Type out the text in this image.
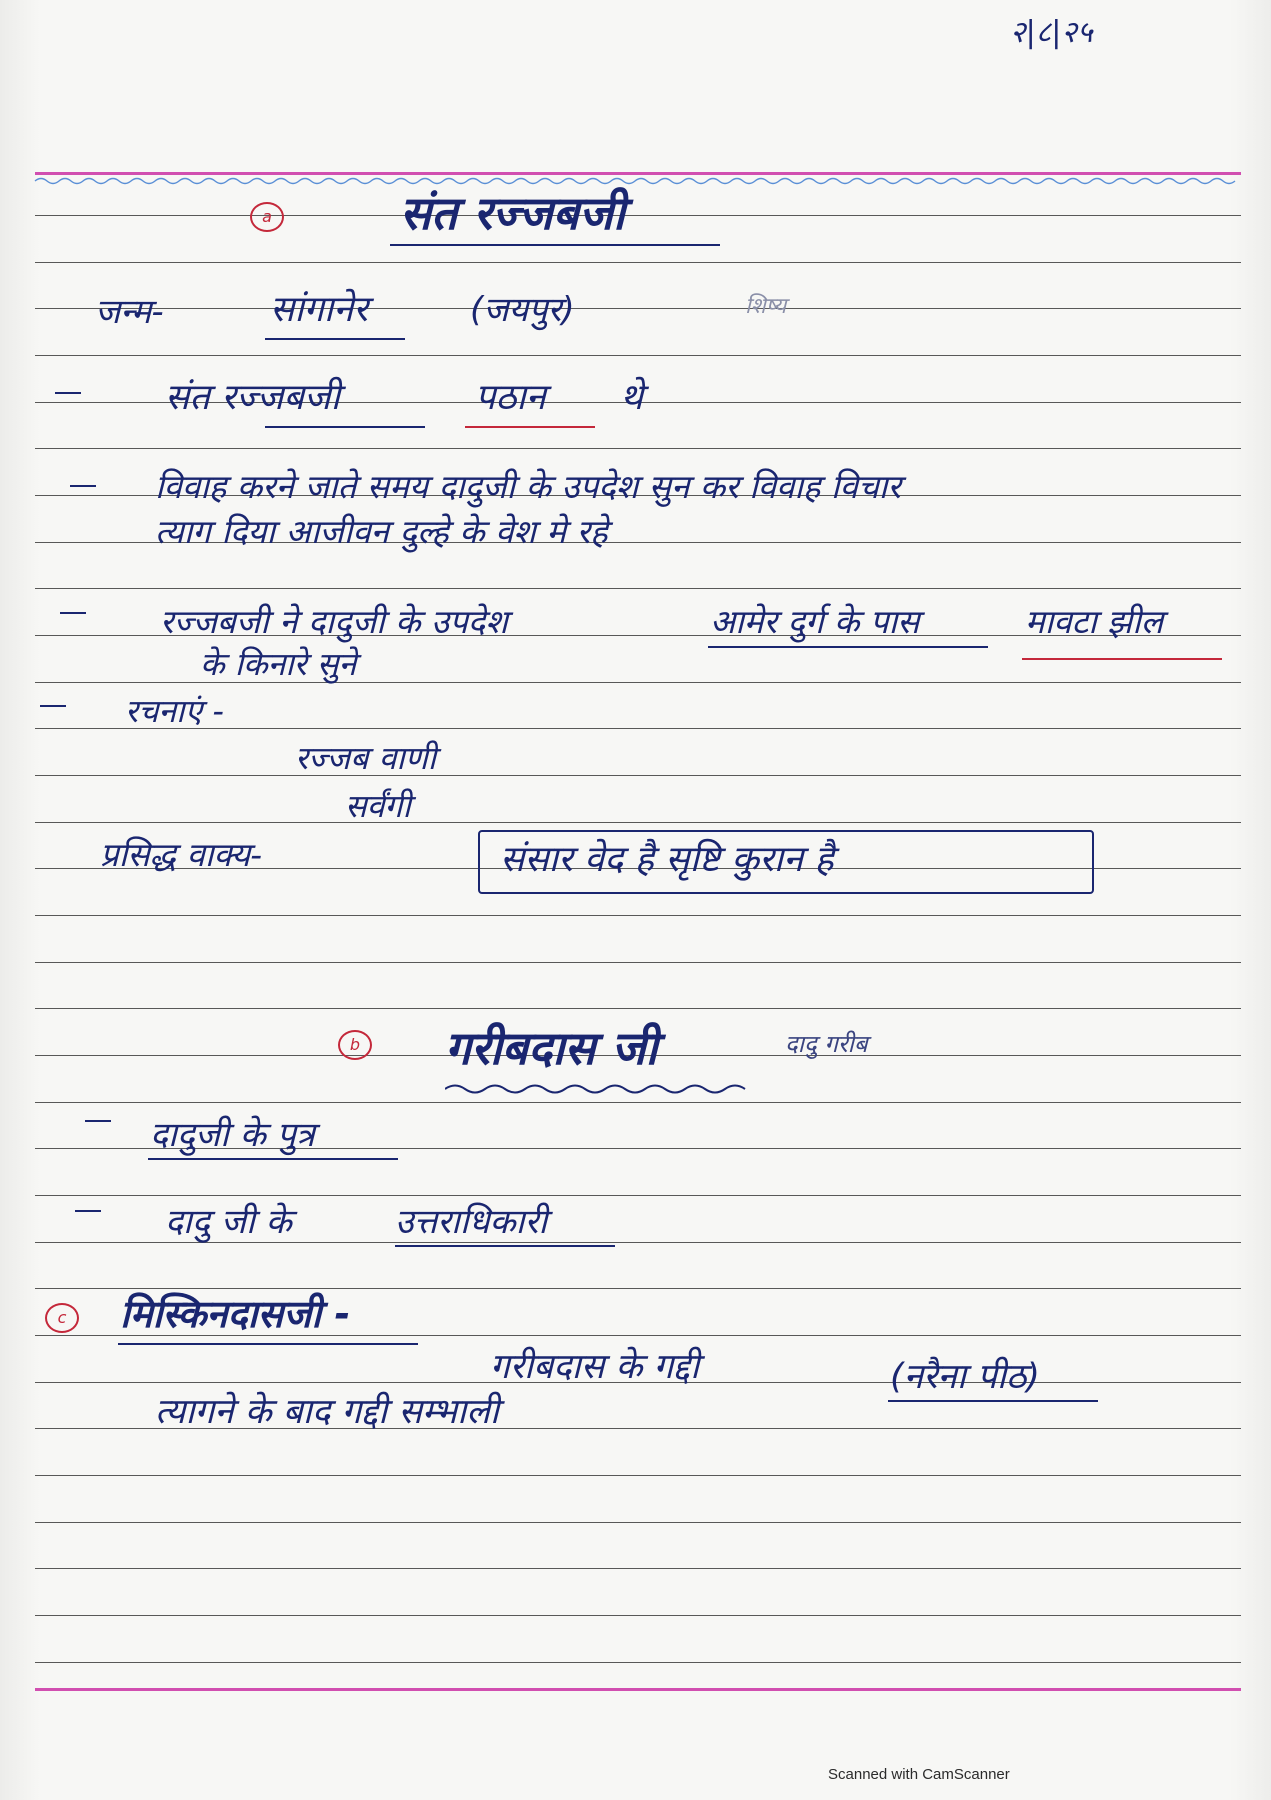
२|८|२५
a	संत रज्जबजी
जन्म-	सांगानेर	(जयपुर)	शिष्य
संत रज्जबजी	पठान थे
विवाह करने जाते समय दादुजी के उपदेश सुन कर विवाह विचार
त्याग दिया आजीवन दुल्हे के वेश मे रहे
रज्जबजी ने दादुजी के उपदेश	आमेर दुर्ग के पास	मावटा झील
के किनारे सुने
रचनाएं -
रज्जब वाणी
सर्वंगी
प्रसिद्ध वाक्य-	संसार वेद है सृष्टि कुरान है
b गरीबदास जी	दादु गरीब
दादुजी के पुत्र
दादु जी के	उत्तराधिकारी
c	मिस्किनदासजी -
गरीबदास के गद्दी	(नरैना पीठ)
त्यागने के बाद गद्दी सम्भाली
Scanned with CamScanner
